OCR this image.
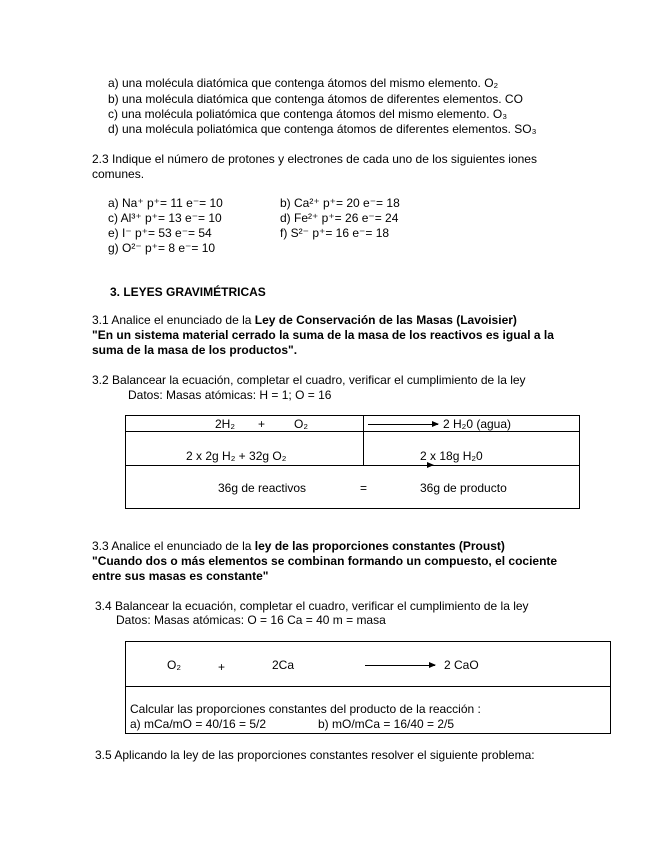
a) una molécula diatómica que contenga átomos del mismo elemento. O₂
b) una molécula diatómica que contenga átomos de diferentes elementos. CO
c) una molécula poliatómica que contenga átomos del mismo elemento. O₃
d) una molécula poliatómica que contenga átomos de diferentes elementos. SO₃
2.3 Indique el número de protones y electrones de cada uno de los siguientes iones
comunes.
a) Na⁺ p⁺= 11 e⁻= 10	b) Ca²⁺ p⁺= 20 e⁻= 18
c) Al³⁺ p⁺= 13 e⁻= 10	d) Fe²⁺ p⁺= 26 e⁻= 24
e) I⁻ p⁺= 53 e⁻= 54	f) S²⁻ p⁺= 16 e⁻= 18
g) O²⁻ p⁺= 8 e⁻= 10
3. LEYES GRAVIMÉTRICAS
3.1 Analice el enunciado de la Ley de Conservación de las Masas (Lavoisier)
"En un sistema material cerrado la suma de la masa de los reactivos es igual a la
suma de la masa de los productos".
3.2 Balancear la ecuación, completar el cuadro, verificar el cumplimiento de la ley
Datos: Masas atómicas: H = 1; O = 16
2H₂ + O₂	2 H₂0 (agua)
2 x 2g H₂ + 32g O₂	2 x 18g H₂0
36g de reactivos	=	36g de producto
3.3 Analice el enunciado de la ley de las proporciones constantes (Proust)
"Cuando dos o más elementos se combinan formando un compuesto, el cociente
entre sus masas es constante"
3.4 Balancear la ecuación, completar el cuadro, verificar el cumplimiento de la ley
Datos: Masas atómicas: O = 16 Ca = 40 m = masa
O₂	+	2Ca	2 CaO
Calcular las proporciones constantes del producto de la reacción :
a) mCa/mO = 40/16 = 5/2	b) mO/mCa = 16/40 = 2/5
3.5 Aplicando la ley de las proporciones constantes resolver el siguiente problema:
